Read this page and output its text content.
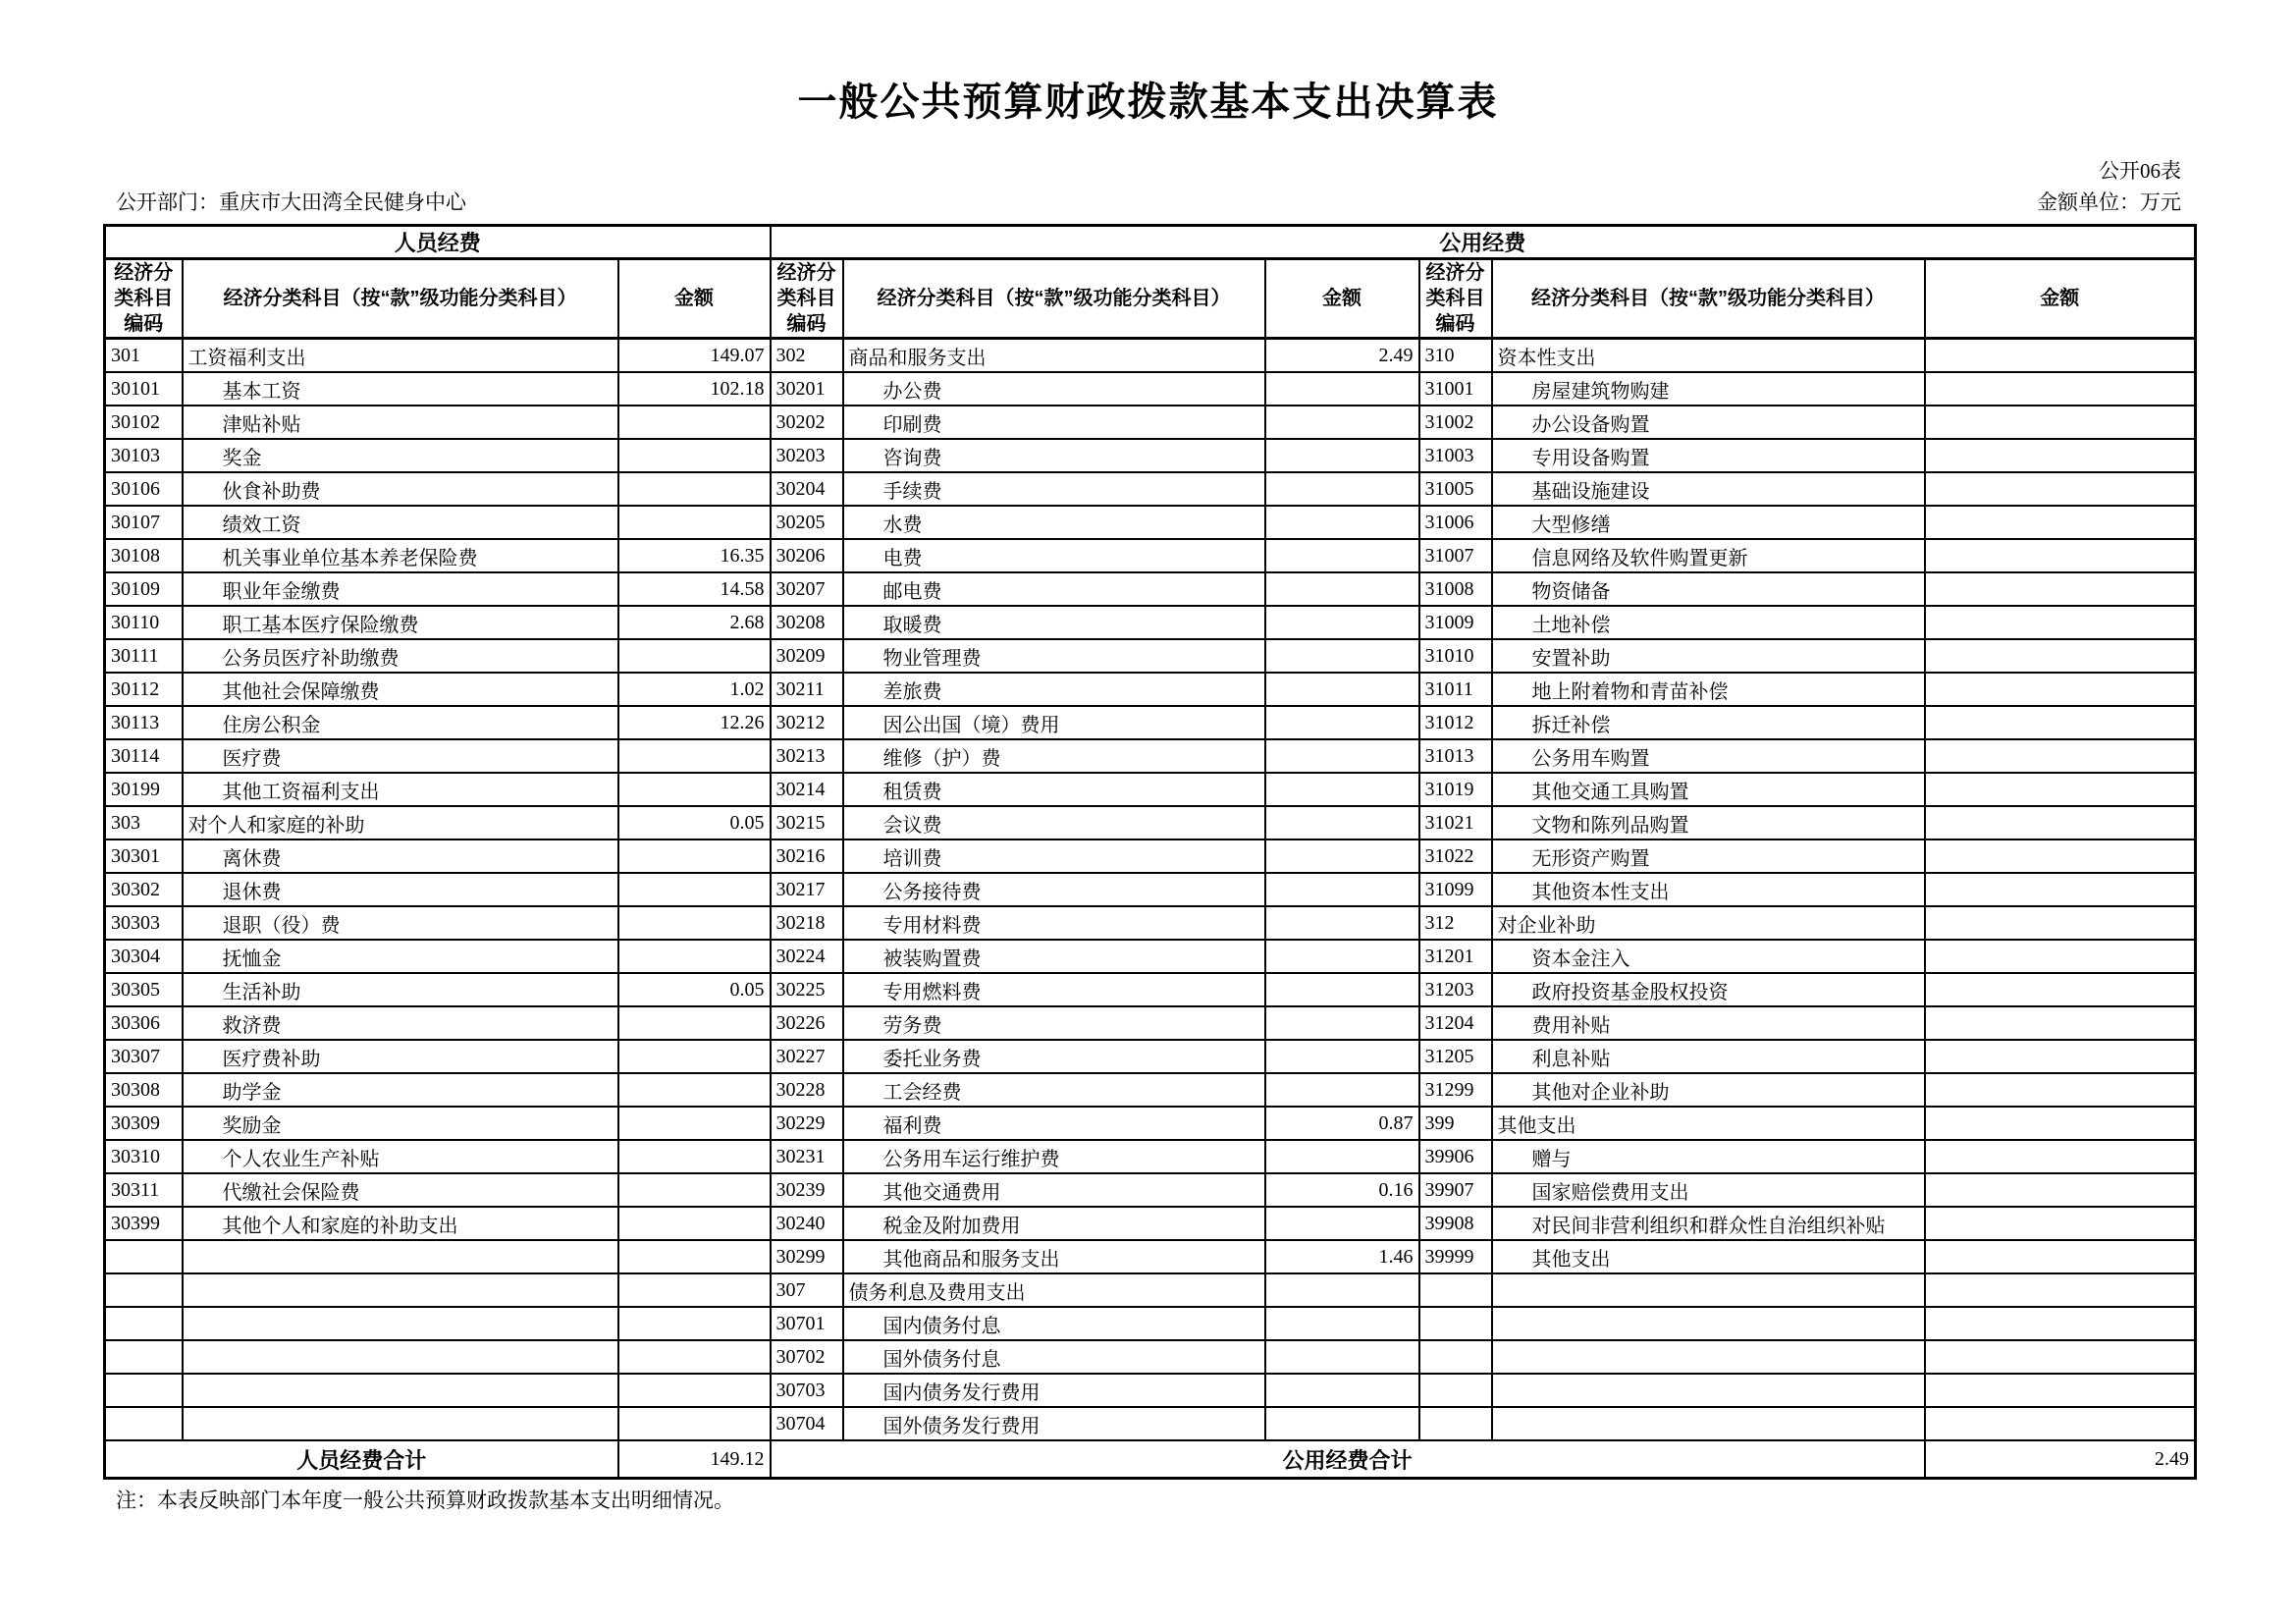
一般公共预算财政拨款基本支出决算表
公开06表
公开部门：重庆市大田湾全民健身中心	金额单位：万元
人员经费			公用经费					
经济分类科目编码	经济分类科目（按“款”级功能分类科目）	金额	经济分类科目编码	经济分类科目（按“款”级功能分类科目）	金额	经济分类科目编码	经济分类科目（按“款”级功能分类科目）	金额
301	工资福利支出	149.07	302	商品和服务支出	2.49	310	资本性支出	
30101	基本工资	102.18	30201	办公费		31001	房屋建筑物购建	
30102	津贴补贴		30202	印刷费		31002	办公设备购置	
30103	奖金		30203	咨询费		31003	专用设备购置	
30106	伙食补助费		30204	手续费		31005	基础设施建设	
30107	绩效工资		30205	水费		31006	大型修缮	
30108	机关事业单位基本养老保险费	16.35	30206	电费		31007	信息网络及软件购置更新	
30109	职业年金缴费	14.58	30207	邮电费		31008	物资储备	
30110	职工基本医疗保险缴费	2.68	30208	取暖费		31009	土地补偿	
30111	公务员医疗补助缴费		30209	物业管理费		31010	安置补助	
30112	其他社会保障缴费	1.02	30211	差旅费		31011	地上附着物和青苗补偿	
30113	住房公积金	12.26	30212	因公出国（境）费用		31012	拆迁补偿	
30114	医疗费		30213	维修（护）费		31013	公务用车购置	
30199	其他工资福利支出		30214	租赁费		31019	其他交通工具购置	
303	对个人和家庭的补助	0.05	30215	会议费		31021	文物和陈列品购置	
30301	离休费		30216	培训费		31022	无形资产购置	
30302	退休费		30217	公务接待费		31099	其他资本性支出	
30303	退职（役）费		30218	专用材料费		312	对企业补助	
30304	抚恤金		30224	被装购置费		31201	资本金注入	
30305	生活补助	0.05	30225	专用燃料费		31203	政府投资基金股权投资	
30306	救济费		30226	劳务费		31204	费用补贴	
30307	医疗费补助		30227	委托业务费		31205	利息补贴	
30308	助学金		30228	工会经费		31299	其他对企业补助	
30309	奖励金		30229	福利费	0.87	399	其他支出	
30310	个人农业生产补贴		30231	公务用车运行维护费		39906	赠与	
30311	代缴社会保险费		30239	其他交通费用	0.16	39907	国家赔偿费用支出	
30399	其他个人和家庭的补助支出		30240	税金及附加费用		39908	对民间非营利组织和群众性自治组织补贴	
			30299	其他商品和服务支出	1.46	39999	其他支出	
			307	债务利息及费用支出				
			30701	国内债务付息				
			30702	国外债务付息				
			30703	国内债务发行费用				
			30704	国外债务发行费用				
人员经费合计		149.12	公用经费合计					2.49
注：本表反映部门本年度一般公共预算财政拨款基本支出明细情况。
